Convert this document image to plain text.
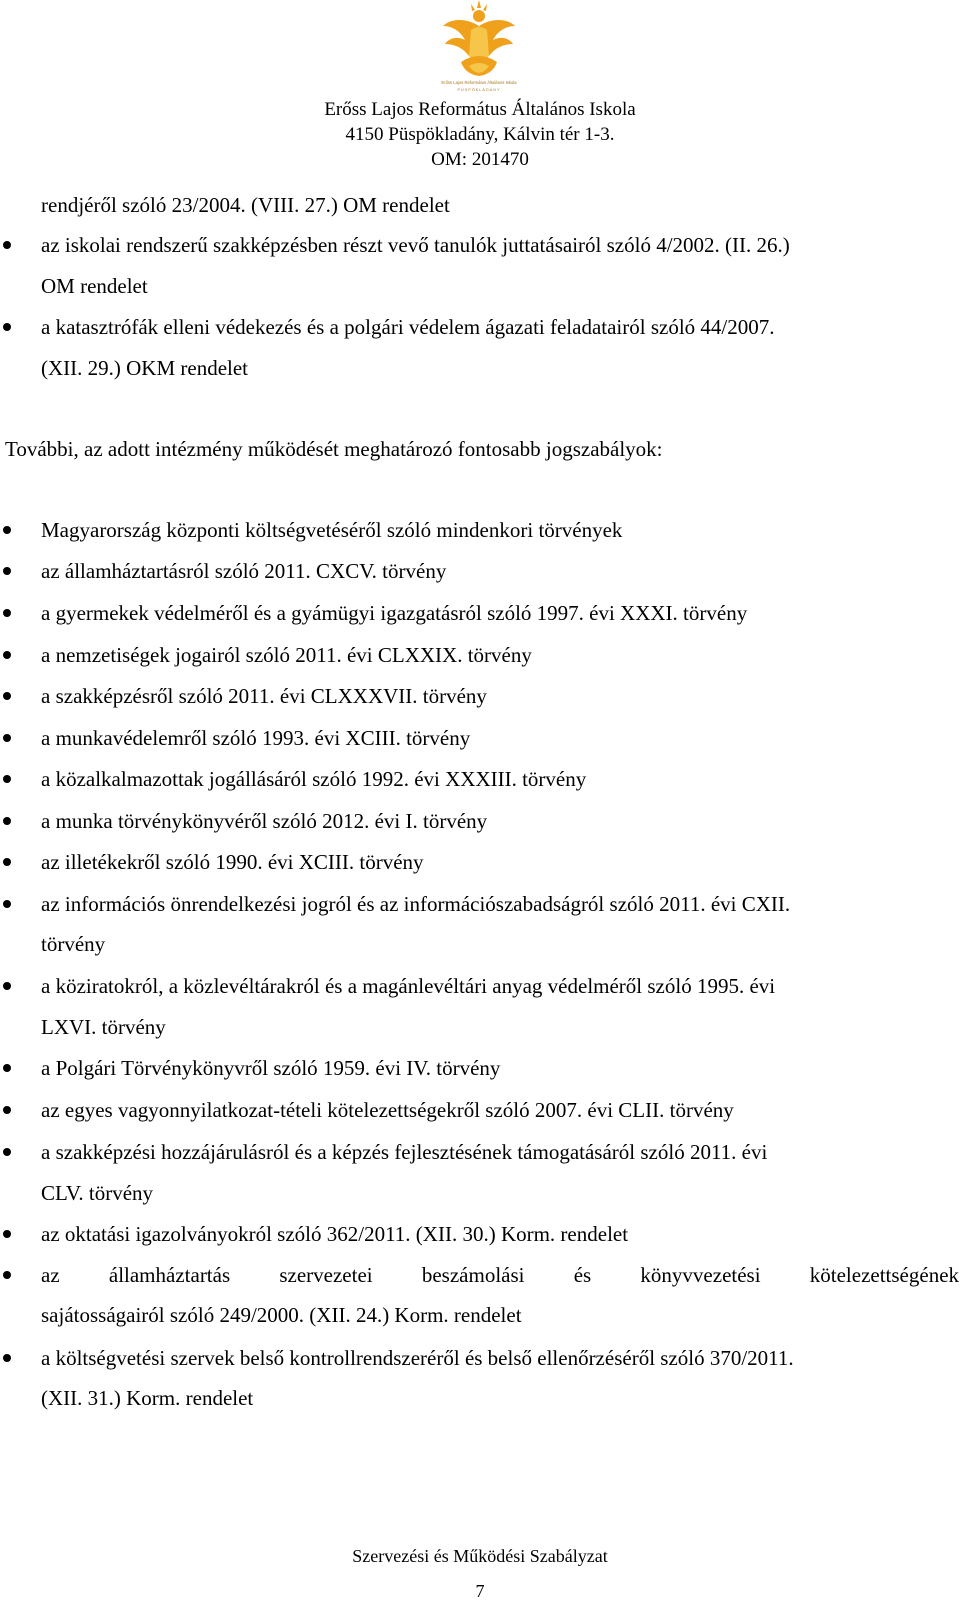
Erőss Lajos Református Általános Iskola
PÜSPÖKLADÁNY
Erőss Lajos Református Általános Iskola
4150 Püspökladány, Kálvin tér 1-3.
OM: 201470
rendjéről szóló 23/2004. (VIII. 27.) OM rendelet
az iskolai rendszerű szakképzésben részt vevő tanulók juttatásairól szóló 4/2002. (II. 26.)
OM rendelet
a katasztrófák elleni védekezés és a polgári védelem ágazati feladatairól szóló 44/2007.
(XII. 29.) OKM rendelet
További, az adott intézmény működését meghatározó fontosabb jogszabályok:
Magyarország központi költségvetéséről szóló mindenkori törvények
az államháztartásról szóló 2011. CXCV. törvény
a gyermekek védelméről és a gyámügyi igazgatásról szóló 1997. évi XXXI. törvény
a nemzetiségek jogairól szóló 2011. évi CLXXIX. törvény
a szakképzésről szóló 2011. évi CLXXXVII. törvény
a munkavédelemről szóló 1993. évi XCIII. törvény
a közalkalmazottak jogállásáról szóló 1992. évi XXXIII. törvény
a munka törvénykönyvéről szóló 2012. évi I. törvény
az illetékekről szóló 1990. évi XCIII. törvény
az információs önrendelkezési jogról és az információszabadságról szóló 2011. évi CXII.
törvény
a köziratokról, a közlevéltárakról és a magánlevéltári anyag védelméről szóló 1995. évi
LXVI. törvény
a Polgári Törvénykönyvről szóló 1959. évi IV. törvény
az egyes vagyonnyilatkozat-tételi kötelezettségekről szóló 2007. évi CLII. törvény
a szakképzési hozzájárulásról és a képzés fejlesztésének támogatásáról szóló 2011. évi
CLV. törvény
az oktatási igazolványokról szóló 362/2011. (XII. 30.) Korm. rendelet
az államháztartás szervezetei beszámolási és könyvvezetési kötelezettségének
sajátosságairól szóló 249/2000. (XII. 24.) Korm. rendelet
a költségvetési szervek belső kontrollrendszeréről és belső ellenőrzéséről szóló 370/2011.
(XII. 31.) Korm. rendelet
Szervezési és Működési Szabályzat
7
